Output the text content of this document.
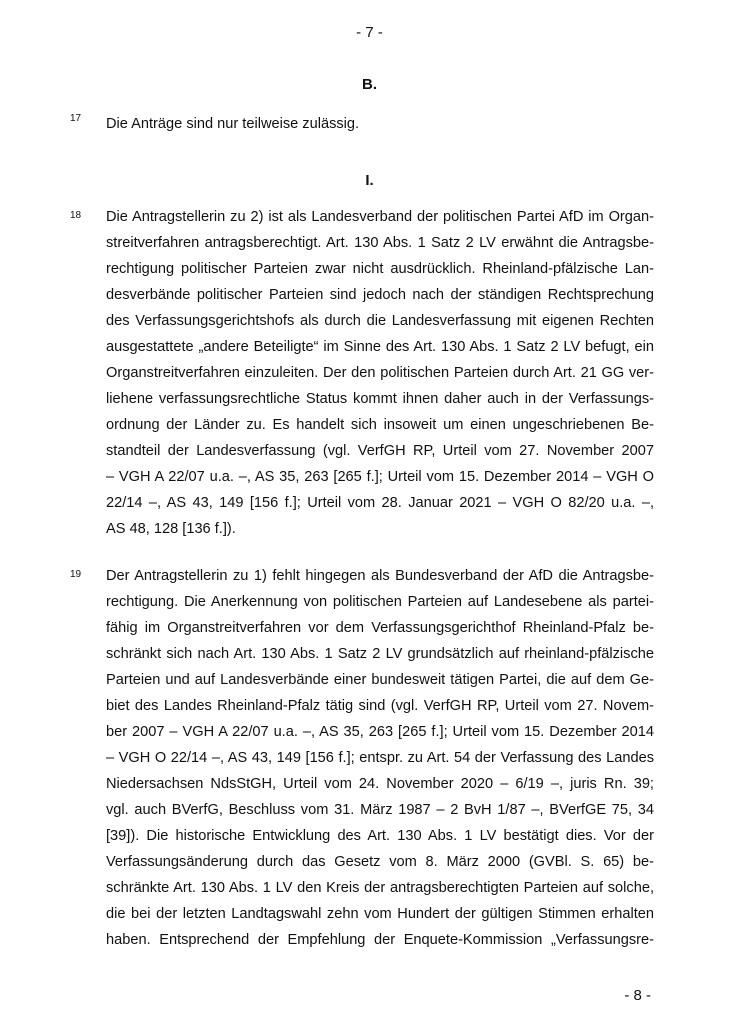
- 7 -
B.
17 Die Anträge sind nur teilweise zulässig.
I.
18 Die Antragstellerin zu 2) ist als Landesverband der politischen Partei AfD im Organ-
streitverfahren antragsberechtigt. Art. 130 Abs. 1 Satz 2 LV erwähnt die Antragsbe-
rechtigung politischer Parteien zwar nicht ausdrücklich. Rheinland-pfälzische Lan-
desverbände politischer Parteien sind jedoch nach der ständigen Rechtsprechung
des Verfassungsgerichtshofs als durch die Landesverfassung mit eigenen Rechten
ausgestattete „andere Beteiligte“ im Sinne des Art. 130 Abs. 1 Satz 2 LV befugt, ein
Organstreitverfahren einzuleiten. Der den politischen Parteien durch Art. 21 GG ver-
liehene verfassungsrechtliche Status kommt ihnen daher auch in der Verfassungs-
ordnung der Länder zu. Es handelt sich insoweit um einen ungeschriebenen Be-
standteil der Landesverfassung (vgl. VerfGH RP, Urteil vom 27. November 2007
– VGH A 22/07 u.a. –, AS 35, 263 [265 f.]; Urteil vom 15. Dezember 2014 – VGH O
22/14 –, AS 43, 149 [156 f.]; Urteil vom 28. Januar 2021 – VGH O 82/20 u.a. –,
AS 48, 128 [136 f.]).
19 Der Antragstellerin zu 1) fehlt hingegen als Bundesverband der AfD die Antragsbe-
rechtigung. Die Anerkennung von politischen Parteien auf Landesebene als partei-
fähig im Organstreitverfahren vor dem Verfassungsgerichthof Rheinland-Pfalz be-
schränkt sich nach Art. 130 Abs. 1 Satz 2 LV grundsätzlich auf rheinland-pfälzische
Parteien und auf Landesverbände einer bundesweit tätigen Partei, die auf dem Ge-
biet des Landes Rheinland-Pfalz tätig sind (vgl. VerfGH RP, Urteil vom 27. Novem-
ber 2007 – VGH A 22/07 u.a. –, AS 35, 263 [265 f.]; Urteil vom 15. Dezember 2014
– VGH O 22/14 –, AS 43, 149 [156 f.]; entspr. zu Art. 54 der Verfassung des Landes
Niedersachsen NdsStGH, Urteil vom 24. November 2020 – 6/19 –, juris Rn. 39;
vgl. auch BVerfG, Beschluss vom 31. März 1987 – 2 BvH 1/87 –, BVerfGE 75, 34
[39]). Die historische Entwicklung des Art. 130 Abs. 1 LV bestätigt dies. Vor der
Verfassungsänderung durch das Gesetz vom 8. März 2000 (GVBl. S. 65) be-
schränkte Art. 130 Abs. 1 LV den Kreis der antragsberechtigten Parteien auf solche,
die bei der letzten Landtagswahl zehn vom Hundert der gültigen Stimmen erhalten
haben. Entsprechend der Empfehlung der Enquete-Kommission „Verfassungsre-
- 8 -
